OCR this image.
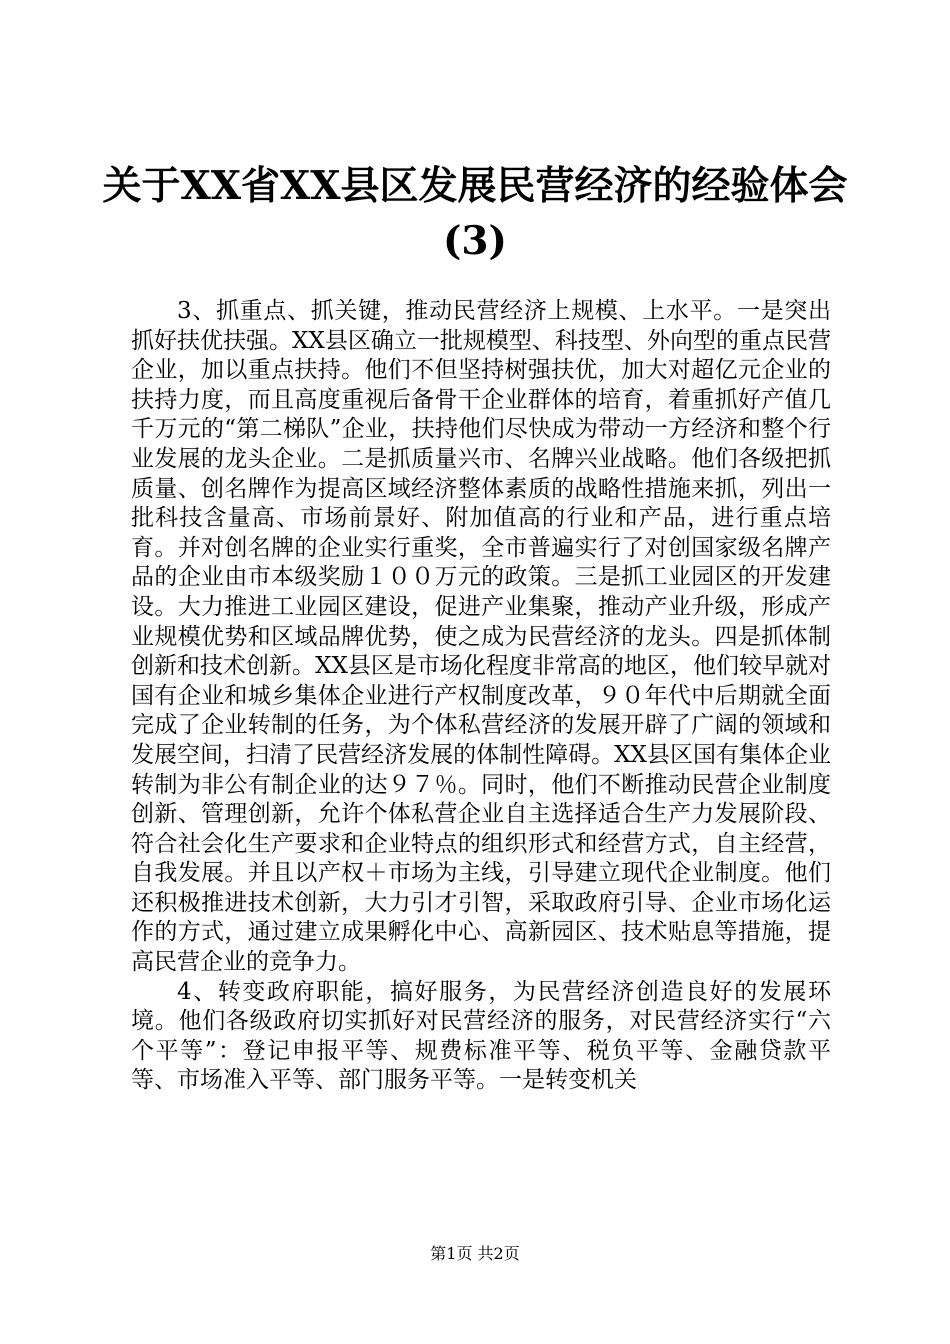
关于XX省XX县区发展民营经济的经验体会
(3)

3、抓重点、抓关键，推动民营经济上规模、上水平。一是突出抓好扶优扶强。XX县区确立一批规模型、科技型、外向型的重点民营企业，加以重点扶持。他们不但坚持树强扶优，加大对超亿元企业的扶持力度，而且高度重视后备骨干企业群体的培育，着重抓好产值几千万元的“第二梯队”企业，扶持他们尽快成为带动一方经济和整个行业发展的龙头企业。二是抓质量兴市、名牌兴业战略。他们各级把抓质量、创名牌作为提高区域经济整体素质的战略性措施来抓，列出一批科技含量高、市场前景好、附加值高的行业和产品，进行重点培育。并对创名牌的企业实行重奖，全市普遍实行了对创国家级名牌产品的企业由市本级奖励１００万元的政策。三是抓工业园区的开发建设。大力推进工业园区建设，促进产业集聚，推动产业升级，形成产业规模优势和区域品牌优势，使之成为民营经济的龙头。四是抓体制创新和技术创新。XX县区是市场化程度非常高的地区，他们较早就对国有企业和城乡集体企业进行产权制度改革，９０年代中后期就全面完成了企业转制的任务，为个体私营经济的发展开辟了广阔的领域和发展空间，扫清了民营经济发展的体制性障碍。XX县区国有集体企业转制为非公有制企业的达９７％。同时，他们不断推动民营企业制度创新、管理创新，允许个体私营企业自主选择适合生产力发展阶段、符合社会化生产要求和企业特点的组织形式和经营方式，自主经营，自我发展。并且以产权＋市场为主线，引导建立现代企业制度。他们还积极推进技术创新，大力引才引智，采取政府引导、企业市场化运作的方式，通过建立成果孵化中心、高新园区、技术贴息等措施，提高民营企业的竞争力。

4、转变政府职能，搞好服务，为民营经济创造良好的发展环境。他们各级政府切实抓好对民营经济的服务，对民营经济实行“六个平等”：登记申报平等、规费标准平等、税负平等、金融贷款平等、市场准入平等、部门服务平等。一是转变机关

第1页 共2页
